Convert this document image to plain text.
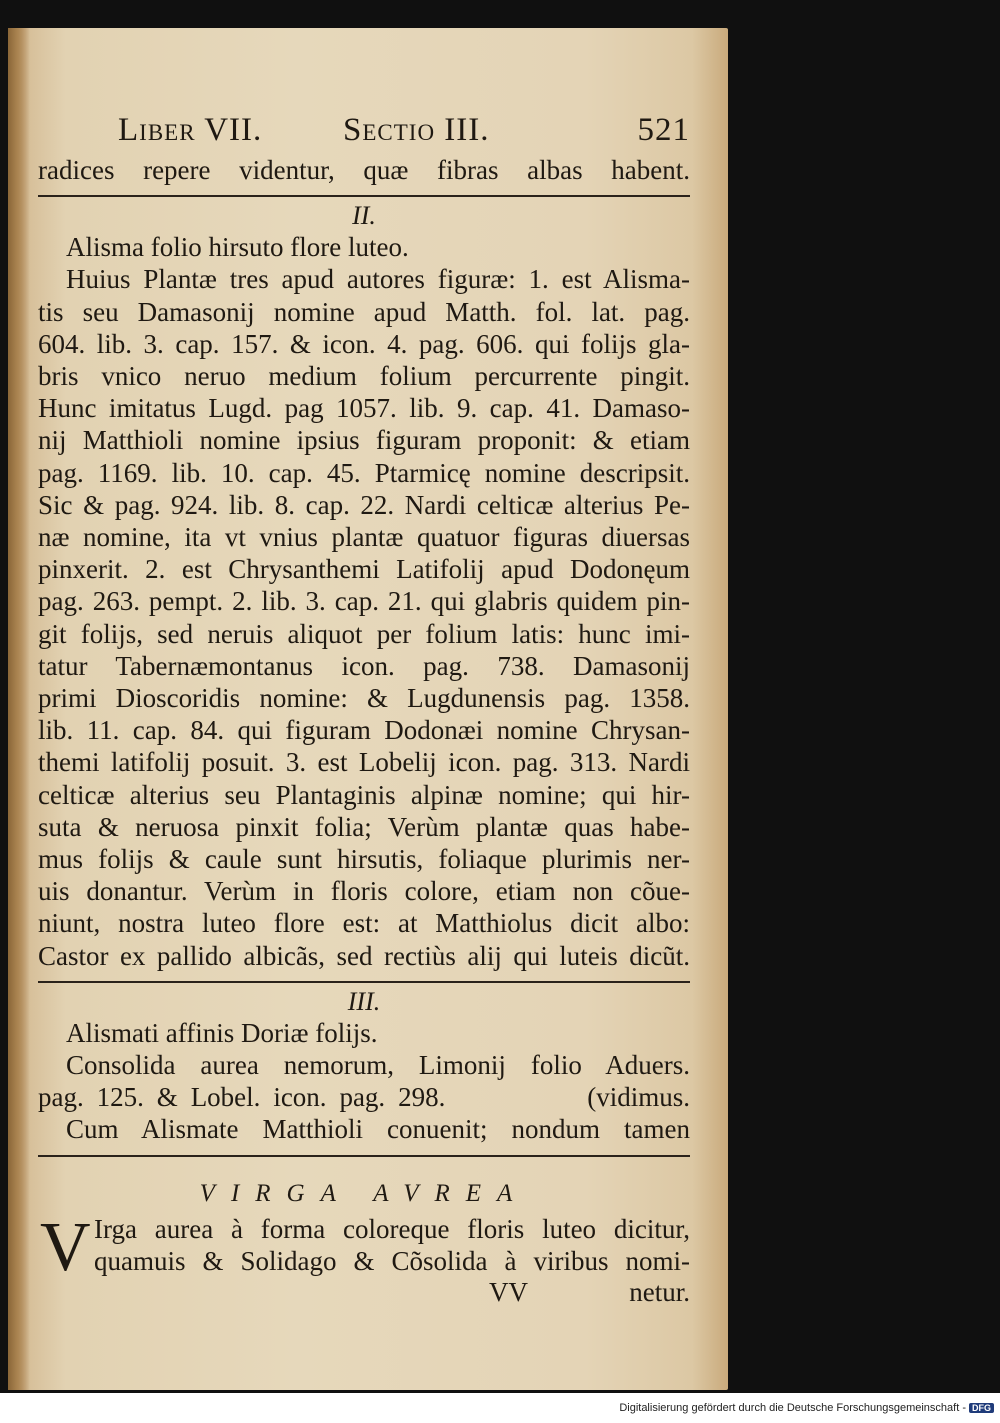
Liber VII. Sectio III.	521
radices repere videntur, quæ fibras albas habent.
II.
Alisma folio hirsuto flore luteo.
Huius Plantæ tres apud autores figuræ: 1. est Alisma-
tis seu Damasonij nomine apud Matth. fol. lat. pag.
604. lib. 3. cap. 157. & icon. 4. pag. 606. qui folijs gla-
bris vnico neruo medium folium percurrente pingit.
Hunc imitatus Lugd. pag 1057. lib. 9. cap. 41. Damaso-
nij Matthioli nomine ipsius figuram proponit: & etiam
pag. 1169. lib. 10. cap. 45. Ptarmicę nomine descripsit.
Sic & pag. 924. lib. 8. cap. 22. Nardi celticæ alterius Pe-
næ nomine, ita vt vnius plantæ quatuor figuras diuersas
pinxerit. 2. est Chrysanthemi Latifolij apud Dodonęum
pag. 263. pempt. 2. lib. 3. cap. 21. qui glabris quidem pin-
git folijs, sed neruis aliquot per folium latis: hunc imi-
tatur Tabernæmontanus icon. pag. 738. Damasonij
primi Dioscoridis nomine: & Lugdunensis pag. 1358.
lib. 11. cap. 84. qui figuram Dodonæi nomine Chrysan-
themi latifolij posuit. 3. est Lobelij icon. pag. 313. Nardi
celticæ alterius seu Plantaginis alpinæ nomine; qui hir-
suta & neruosa pinxit folia; Verùm plantæ quas habe-
mus folijs & caule sunt hirsutis, foliaque plurimis ner-
uis donantur. Verùm in floris colore, etiam non cõue-
niunt, nostra luteo flore est: at Matthiolus dicit albo:
Castor ex pallido albicãs, sed rectiùs alij qui luteis dicũt.
III.
Alismati affinis Doriæ folijs.
Consolida aurea nemorum, Limonij folio Aduers.
pag. 125. & Lobel. icon. pag. 298.           (vidimus.
Cum Alismate Matthioli conuenit; nondum tamen
VIRGA AVREA
V Irga aurea à forma coloreque floris luteo dicitur,
quamuis & Solidago & Cõsolida à viribus nomi-
VV	netur.
Digitalisierung gefördert durch die Deutsche Forschungsgemeinschaft - DFG
